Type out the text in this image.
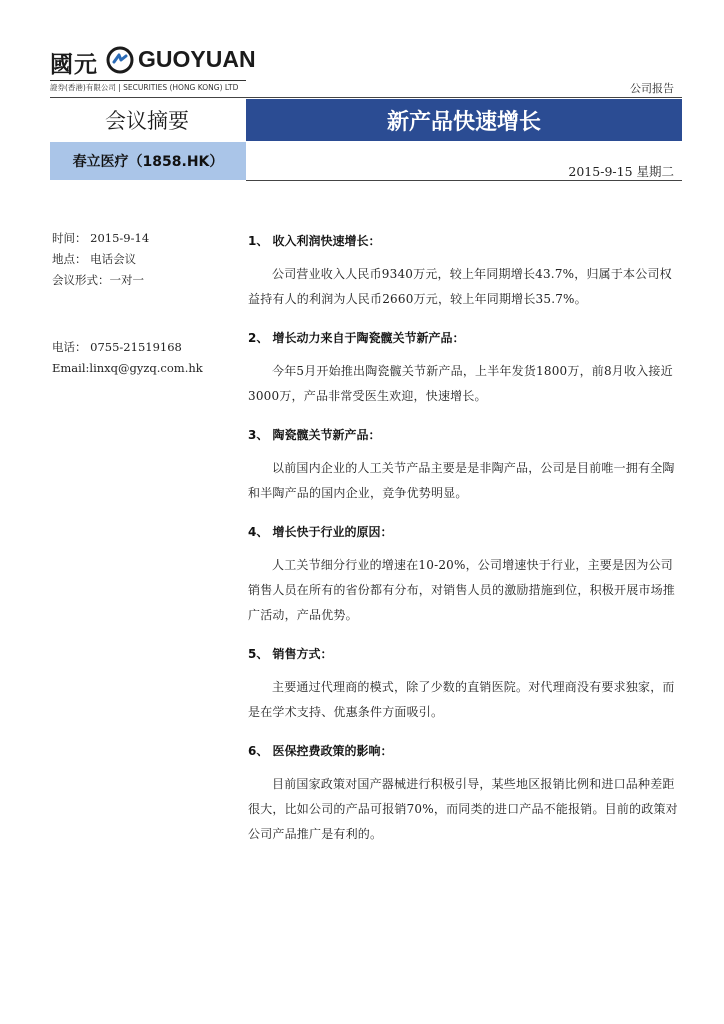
國元 GUOYUAN
證券(香港)有限公司 | SECURITIES (HONG KONG) LTD	公司报告
会议摘要	新产品快速增长
春立医疗（1858.HK）
2015-9-15 星期二
时间： 2015-9-14
地点： 电话会议
会议形式：一对一
电话： 0755-21519168
Email:linxq@gyzq.com.hk
1、 收入利润快速增长：

公司营业收入人民币9340万元，较上年同期增长43.7%，归属于本公司权益持有人的利润为人民币2660万元，较上年同期增长35.7%。

2、 增长动力来自于陶瓷髋关节新产品：

今年5月开始推出陶瓷髋关节新产品，上半年发货1800万，前8月收入接近3000万，产品非常受医生欢迎，快速增长。

3、 陶瓷髋关节新产品：

以前国内企业的人工关节产品主要是是非陶产品，公司是目前唯一拥有全陶和半陶产品的国内企业，竞争优势明显。

4、 增长快于行业的原因：

人工关节细分行业的增速在10-20%，公司增速快于行业，主要是因为公司销售人员在所有的省份都有分布，对销售人员的激励措施到位，积极开展市场推广活动，产品优势。

5、 销售方式：

主要通过代理商的模式，除了少数的直销医院。对代理商没有要求独家，而是在学术支持、优惠条件方面吸引。

6、 医保控费政策的影响：

目前国家政策对国产器械进行积极引导，某些地区报销比例和进口品种差距很大，比如公司的产品可报销70%，而同类的进口产品不能报销。目前的政策对公司产品推广是有利的。
